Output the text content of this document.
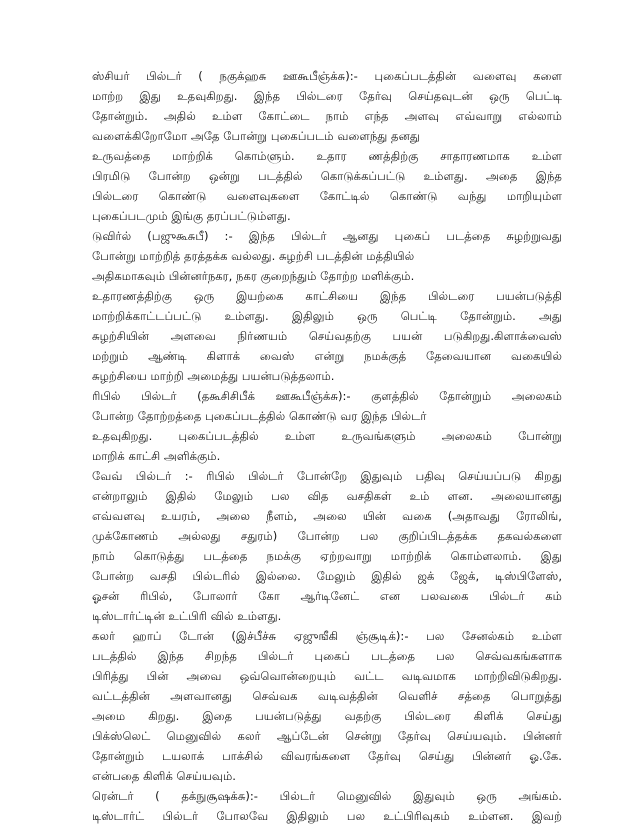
ஸ்சியர் பில்டர் ( நகுக்ஹசு ஊகூபீஞ்க்சு):- புகைப்படத்தின் வளைவு களை
மாற்ற இது உதவுகிறது. இந்த பில்டரை தேர்வு செய்தவுடன் ஒரு பெட்டி
தோன்றும். அதில் உம்ள கோட்டை நாம் எந்த அளவு எவ்வாறு எல்லாம்
வளைக்கிறோமோ அதே போன்று புகைப்படம் வளைந்து தனது
உருவத்தை மாற்றிக் கொம்ளும். உதார ணத்திற்கு சாதாரணமாக உம்ள
பிரமிடு போன்ற ஒன்று படத்தில் கொடுக்கப்பட்டு உம்ளது. அதை இந்த
பில்டரை கொண்டு வளைவுகளை கோட்டில் கொண்டு வந்து மாறியும்ள
புகைப்படமும் இங்கு தரப்பட்டும்ளது.
டுவிர்ல் (பஜுகூசுபீ) :- இந்த பில்டர் ஆனது புகைப் படத்தை சுழற்றுவது
போன்று மாற்றித் தரத்தக்க வல்லது. சுழற்சி படத்தின் மத்தியில்
அதிகமாகவும் பின்னர்நகர, நகர குறைந்தும் தோற்ற மளிக்கும்.
உதாரணத்திற்கு ஒரு இயற்கை காட்சியை இந்த பில்டரை பயன்படுத்தி
மாற்றிக்காட்டப்பட்டு உம்ளது. இதிலும் ஒரு பெட்டி தோன்றும். அது
சுழற்சியின் அளவை நிர்ணயம் செய்வதற்கு பயன் படுகிறது.கிளாக்வைஸ்
மற்றும் ஆண்டி கிளாக் வைஸ் என்று நமக்குத் தேவையான வகையில்
சுழற்சியை மாற்றி அமைத்து பயன்படுத்தலாம்.
ரிபில் பில்டர் (தகூசிசிபீக் ஊகூபீஞ்க்சு):- குளத்தில் தோன்றும் அலைகம்
போன்ற தோற்றத்தை புகைப்படத்தில் கொண்டு வர இந்த பில்டர்
உதவுகிறது. புகைப்படத்தில் உம்ள உருவங்களும் அலைகம் போன்று
மாறிக் காட்சி அளிக்கும்.
வேவ் பில்டர் :- ரிபில் பில்டர் போன்றே இதுவும் பதிவு செய்யப்படு கிறது
என்றாலும் இதில் மேலும் பல வித வசதிகள் உம் ளன. அலையானது
எவ்வளவு உயரம், அலை நீளம், அலை யின் வகை (அதாவது ரோலிங்,
முக்கோணம் அல்லது சதுரம்) போன்ற பல குறிப்பிடத்தக்க தகவல்களை
நாம் கொடுத்து படத்தை நமக்கு ஏற்றவாறு மாற்றிக் கொம்ளலாம். இது
போன்ற வசதி பில்டரில் இல்லை. மேலும் இதில் ஜக் ஜேக், டிஸ்பிளேஸ்,
ஓசன் ரிபில், போலார் கோ ஆர்டினேட் என பலவகை பில்டர் கம்
டிஸ்டார்ட்டின் உட்பிரி வில் உம்ளது.
கலர் ஹாப் டோன் (இச்பீச்சு ஏஜுஙீகி ஞ்சூடிக்):- பல சேனல்கம் உம்ள
படத்தில் இந்த சிறந்த பில்டர் புகைப் படத்தை பல செவ்வகங்களாக
பிரித்து பின் அவை ஒவ்வொன்றையும் வட்ட வடிவமாக மாற்றிவிடுகிறது.
வட்டத்தின் அளவானது செவ்வக வடிவத்தின் வெளிச் சத்தை பொறுத்து
அமை கிறது. இதை பயன்படுத்து வதற்கு பில்டரை கிளிக் செய்து
பிக்ஸ்லெட் மெனுவில் கலர் ஆப்டேன் சென்று தேர்வு செய்யவும். பின்னர்
தோன்றும் டயலாக் பாக்சில் விவரங்களை தேர்வு செய்து பின்னர் ஓ.கே.
என்பதை கிளிக் செய்யவும்.
ரென்டர் ( தக்நுசூஷக்சு):- பில்டர் மெனுவில் இதுவும் ஒரு அங்கம்.
டிஸ்டார்ட் பில்டர் போலவே இதிலும் பல உட்பிரிவுகம் உம்ளன. இவற்
